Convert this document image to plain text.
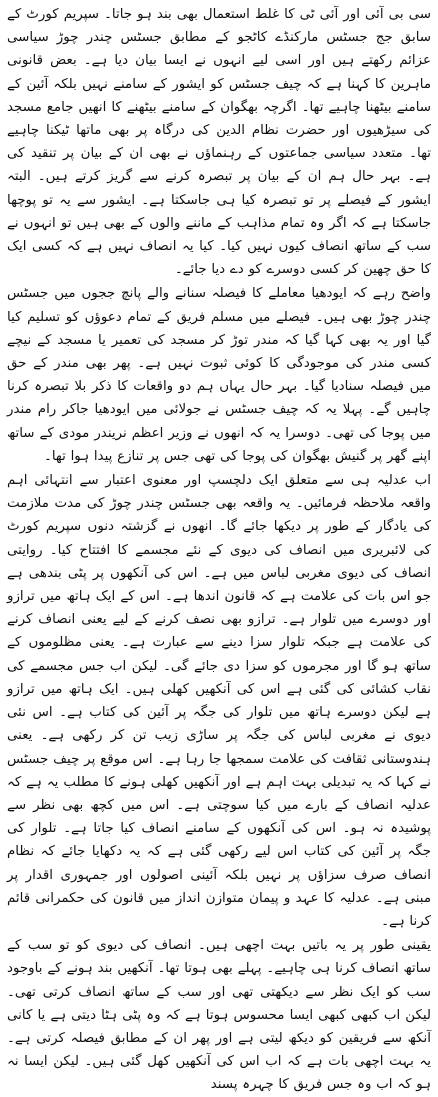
سی بی آئی اور آئی ٹی کا غلط استعمال بھی بند ہو جاتا۔ سپریم کورٹ کے سابق جج جسٹس مارکنڈے کاٹجو کے مطابق جسٹس چندر چوڑ سیاسی عزائم رکھتے ہیں اور اسی لیے انہوں نے ایسا بیان دیا ہے۔ بعض قانونی ماہرین کا کہنا ہے کہ چیف جسٹس کو ایشور کے سامنے نہیں بلکہ آئین کے سامنے بیٹھنا چاہیے تھا۔ اگرچہ بھگوان کے سامنے بیٹھنے کا انھیں جامع مسجد کی سیڑھیوں اور حضرت نظام الدین کی درگاہ پر بھی ماتھا ٹیکنا چاہیے تھا۔ متعدد سیاسی جماعتوں کے رہنماؤں نے بھی ان کے بیان پر تنقید کی ہے۔ بہر حال ہم ان کے بیان پر تبصرہ کرنے سے گریز کرتے ہیں۔ البتہ ایشور کے فیصلے پر تو تبصرہ کیا ہی جاسکتا ہے۔ ایشور سے یہ تو پوچھا جاسکتا ہے کہ اگر وہ تمام مذاہب کے ماننے والوں کے بھی ہیں تو انہوں نے سب کے ساتھ انصاف کیوں نہیں کیا۔ کیا یہ انصاف نہیں ہے کہ کسی ایک کا حق چھین کر کسی دوسرے کو دے دیا جائے۔

واضح رہے کہ ایودھیا معاملے کا فیصلہ سنانے والے پانچ ججوں میں جسٹس چندر چوڑ بھی ہیں۔ فیصلے میں مسلم فریق کے تمام دعوؤں کو تسلیم کیا گیا اور یہ بھی کہا گیا کہ مندر توڑ کر مسجد کی تعمیر یا مسجد کے نیچے کسی مندر کی موجودگی کا کوئی ثبوت نہیں ہے۔ پھر بھی مندر کے حق میں فیصلہ سنادیا گیا۔ بہر حال یہاں ہم دو واقعات کا ذکر بلا تبصرہ کرنا چاہیں گے۔ پہلا یہ کہ چیف جسٹس نے جولائی میں ایودھیا جاکر رام مندر میں پوجا کی تھی۔ دوسرا یہ کہ انھوں نے وزیر اعظم نریندر مودی کے ساتھ اپنے گھر پر گنیش بھگوان کی پوجا کی تھی جس پر تنازع پیدا ہوا تھا۔

اب عدلیہ ہی سے متعلق ایک دلچسپ اور معنوی اعتبار سے انتہائی اہم واقعہ ملاحظہ فرمائیں۔ یہ واقعہ بھی جسٹس چندر چوڑ کی مدت ملازمت کی یادگار کے طور پر دیکھا جائے گا۔ انھوں نے گزشتہ دنوں سپریم کورٹ کی لائبریری میں انصاف کی دیوی کے نئے مجسمے کا افتتاح کیا۔ روایتی انصاف کی دیوی مغربی لباس میں ہے۔ اس کی آنکھوں پر پٹی بندھی ہے جو اس بات کی علامت ہے کہ قانون اندھا ہے۔ اس کے ایک ہاتھ میں ترازو اور دوسرے میں تلوار ہے۔ ترازو بھی نصف کرنے کے لیے یعنی انصاف کرنے کی علامت ہے جبکہ تلوار سزا دینے سے عبارت ہے۔ یعنی مظلوموں کے ساتھ ہو گا اور مجرموں کو سزا دی جائے گی۔ لیکن اب جس مجسمے کی نقاب کشائی کی گئی ہے اس کی آنکھیں کھلی ہیں۔ ایک ہاتھ میں ترازو ہے لیکن دوسرے ہاتھ میں تلوار کی جگہ پر آئین کی کتاب ہے۔ اس نئی دیوی نے مغربی لباس کی جگہ پر ساڑی زیب تن کر رکھی ہے۔ یعنی ہندوستانی ثقافت کی علامت سمجھا جا رہا ہے۔ اس موقع پر چیف جسٹس نے کہا کہ یہ تبدیلی بہت اہم ہے اور آنکھیں کھلی ہونے کا مطلب یہ ہے کہ عدلیہ انصاف کے بارے میں کیا سوچتی ہے۔ اس میں کچھ بھی نظر سے پوشیدہ نہ ہو۔ اس کی آنکھوں کے سامنے انصاف کیا جاتا ہے۔ تلوار کی جگہ پر آئین کی کتاب اس لیے رکھی گئی ہے کہ یہ دکھایا جائے کہ نظام انصاف صرف سزاؤں پر نہیں بلکہ آئینی اصولوں اور جمہوری اقدار پر مبنی ہے۔ عدلیہ کا عہد و پیمان متوازن انداز میں قانون کی حکمرانی قائم کرنا ہے۔

یقینی طور پر یہ باتیں بہت اچھی ہیں۔ انصاف کی دیوی کو تو سب کے ساتھ انصاف کرنا ہی چاہیے۔ پہلے بھی ہوتا تھا۔ آنکھیں بند ہونے کے باوجود سب کو ایک نظر سے دیکھتی تھی اور سب کے ساتھ انصاف کرتی تھی۔ لیکن اب کبھی کبھی ایسا محسوس ہوتا ہے کہ وہ پٹی ہٹا دیتی ہے یا کانی آنکھ سے فریقین کو دیکھ لیتی ہے اور پھر ان کے مطابق فیصلہ کرتی ہے۔ یہ بہت اچھی بات ہے کہ اب اس کی آنکھیں کھل گئی ہیں۔ لیکن ایسا نہ ہو کہ اب وہ جس فریق کا چہرہ پسند
